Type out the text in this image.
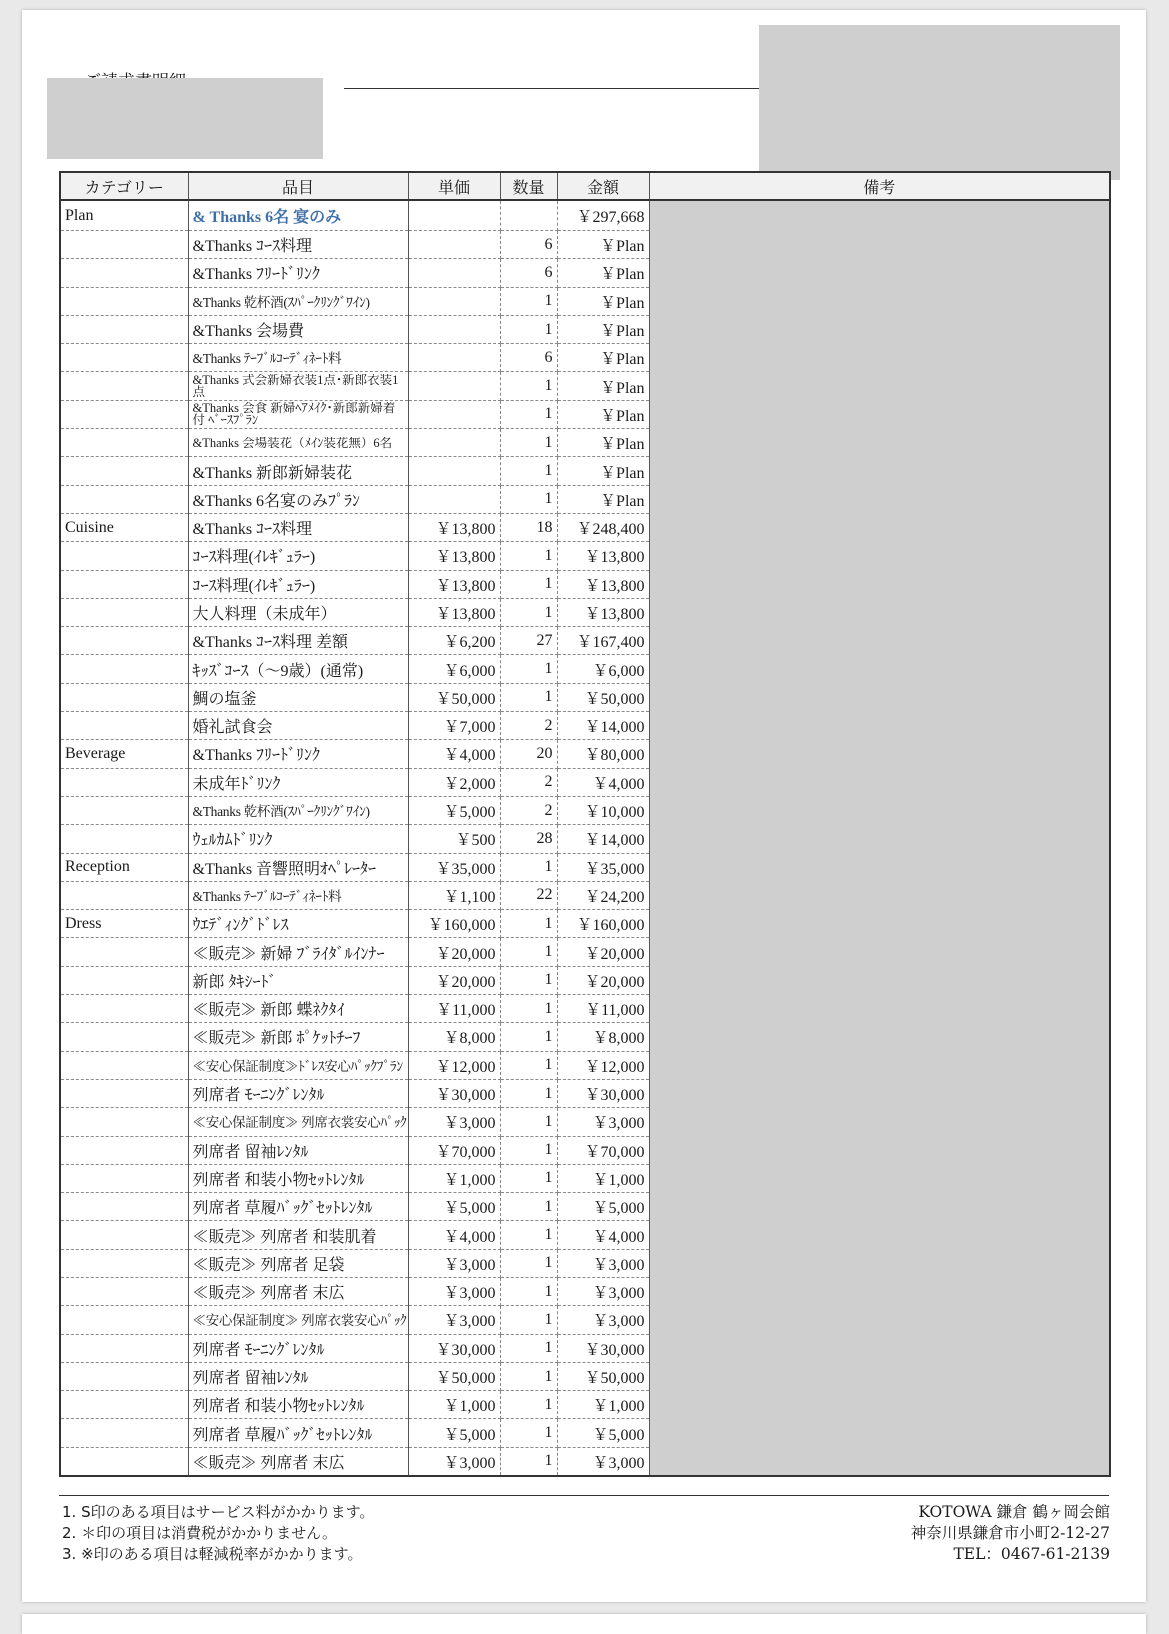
カテゴリー	品目	単価	数量	金額	備考
Plan	& Thanks 6名 宴のみ			￥297,668	
	&Thanks ｺｰｽ料理		6	￥Plan	
	&Thanks ﾌﾘｰﾄﾞﾘﾝｸ		6	￥Plan	
	&Thanks 乾杯酒(ｽﾊﾟｰｸﾘﾝｸﾞﾜｲﾝ)		1	￥Plan	
	&Thanks 会場費		1	￥Plan	
	&Thanks ﾃｰﾌﾞﾙｺｰﾃﾞｨﾈｰﾄ料		6	￥Plan	

	&Thanks 式会新婦衣装1点･新郎衣装1点		1	￥Plan	

	&Thanks 会食 新婦ﾍｱﾒｲｸ･新郎新婦着付 ﾍﾞｰｽﾌﾟﾗﾝ		1	￥Plan	

	&Thanks 会場装花（ﾒｲﾝ装花無）6名		1	￥Plan	
	&Thanks 新郎新婦装花		1	￥Plan	
	&Thanks 6名宴のみﾌﾟﾗﾝ		1	￥Plan	
Cuisine	&Thanks ｺｰｽ料理	￥13,800	18	￥248,400	
	ｺｰｽ料理(ｲﾚｷﾞｭﾗｰ)	￥13,800	1	￥13,800	
	ｺｰｽ料理(ｲﾚｷﾞｭﾗｰ)	￥13,800	1	￥13,800	
	大人料理（未成年）	￥13,800	1	￥13,800	
	&Thanks ｺｰｽ料理 差額	￥6,200	27	￥167,400	
	ｷｯｽﾞｺｰｽ（～9歳）(通常)	￥6,000	1	￥6,000	
	鯛の塩釜	￥50,000	1	￥50,000	
	婚礼試食会	￥7,000	2	￥14,000	
Beverage	&Thanks ﾌﾘｰﾄﾞﾘﾝｸ	￥4,000	20	￥80,000	
	未成年ﾄﾞﾘﾝｸ	￥2,000	2	￥4,000	
	&Thanks 乾杯酒(ｽﾊﾟｰｸﾘﾝｸﾞﾜｲﾝ)	￥5,000	2	￥10,000	
	ｳｪﾙｶﾑﾄﾞﾘﾝｸ	￥500	28	￥14,000	
Reception	&Thanks 音響照明ｵﾍﾟﾚｰﾀｰ	￥35,000	1	￥35,000	
	&Thanks ﾃｰﾌﾞﾙｺｰﾃﾞｨﾈｰﾄ料	￥1,100	22	￥24,200	
Dress	ｳｴﾃﾞｨﾝｸﾞﾄﾞﾚｽ	￥160,000	1	￥160,000	
	≪販売≫ 新婦 ﾌﾞﾗｲﾀﾞﾙｲﾝﾅｰ	￥20,000	1	￥20,000	
	新郎 ﾀｷｼｰﾄﾞ	￥20,000	1	￥20,000	
	≪販売≫ 新郎 蝶ﾈｸﾀｲ	￥11,000	1	￥11,000	
	≪販売≫ 新郎 ﾎﾟｹｯﾄﾁｰﾌ	￥8,000	1	￥8,000	
	≪安心保証制度≫ﾄﾞﾚｽ安心ﾊﾟｯｸﾌﾟﾗﾝ	￥12,000	1	￥12,000	
	列席者 ﾓｰﾆﾝｸﾞﾚﾝﾀﾙ	￥30,000	1	￥30,000	
	≪安心保証制度≫ 列席衣裳安心ﾊﾟｯｸ	￥3,000	1	￥3,000	
	列席者 留袖ﾚﾝﾀﾙ	￥70,000	1	￥70,000	
	列席者 和装小物ｾｯﾄﾚﾝﾀﾙ	￥1,000	1	￥1,000	
	列席者 草履ﾊﾞｯｸﾞｾｯﾄﾚﾝﾀﾙ	￥5,000	1	￥5,000	
	≪販売≫ 列席者 和装肌着	￥4,000	1	￥4,000	
	≪販売≫ 列席者 足袋	￥3,000	1	￥3,000	
	≪販売≫ 列席者 末広	￥3,000	1	￥3,000	
	≪安心保証制度≫ 列席衣裳安心ﾊﾟｯｸ	￥3,000	1	￥3,000	
	列席者 ﾓｰﾆﾝｸﾞﾚﾝﾀﾙ	￥30,000	1	￥30,000	
	列席者 留袖ﾚﾝﾀﾙ	￥50,000	1	￥50,000	
	列席者 和装小物ｾｯﾄﾚﾝﾀﾙ	￥1,000	1	￥1,000	
	列席者 草履ﾊﾞｯｸﾞｾｯﾄﾚﾝﾀﾙ	￥5,000	1	￥5,000	
	≪販売≫ 列席者 末広	￥3,000	1	￥3,000	
1. S印のある項目はサービス料がかかります。
2. ＊印の項目は消費税がかかりません。
3. ※印のある項目は軽減税率がかかります。
KOTOWA 鎌倉 鶴ヶ岡会館
神奈川県鎌倉市小町2-12-27
TEL：0467-61-2139
